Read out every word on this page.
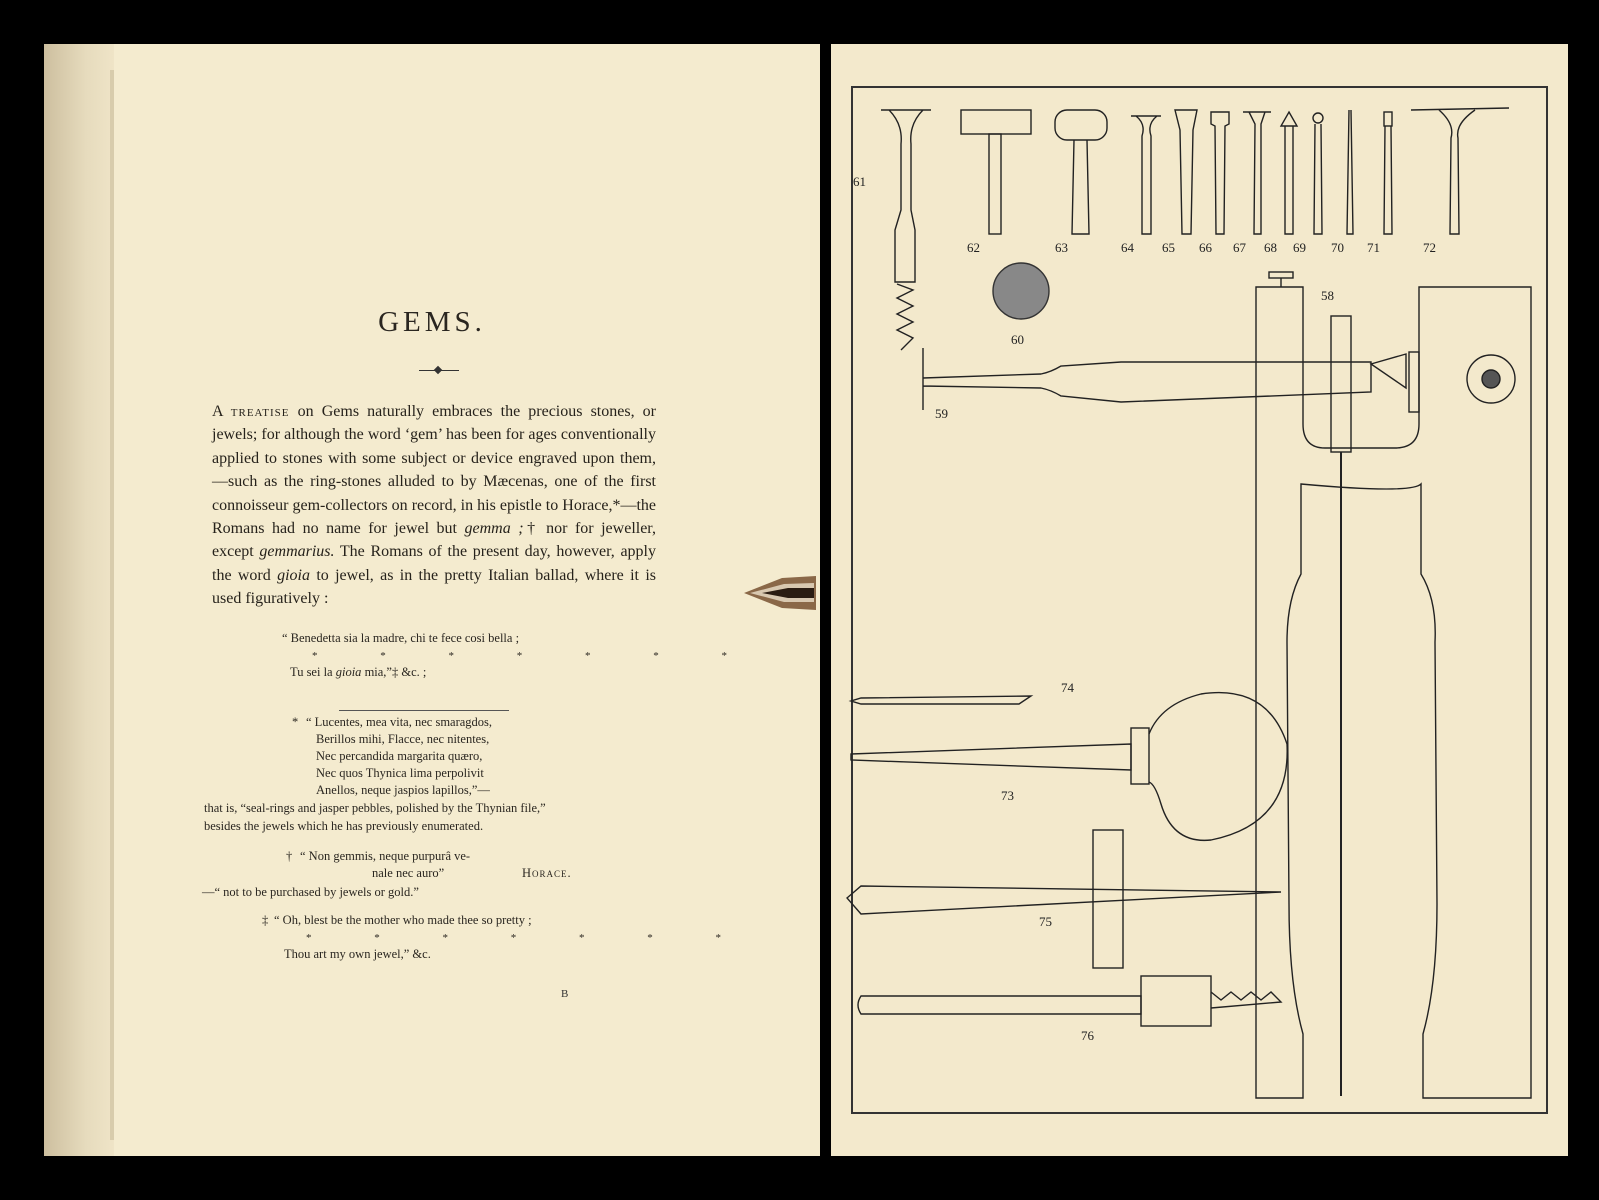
GEMS.

A treatise on Gems naturally embraces the precious stones, or jewels; for although the word ‘gem’ has been for ages conventionally applied to stones with some subject or device engraved upon them,—such as the ring-stones alluded to by Mæcenas, one of the first connoisseur gem-collectors on record, in his epistle to Horace,*—the Romans had no name for jewel but gemma ;† nor for jeweller, except gemmarius. The Romans of the present day, however, apply the word gioia to jewel, as in the pretty Italian ballad, where it is used figuratively :

“ Benedetta sia la madre, chi te fece cosi bella ;
* * * * * * *
Tu sei la gioia mia,”‡ &c. ;
* “ Lucentes, mea vita, nec smaragdos,
Berillos mihi, Flacce, nec nitentes,
Nec percandida margarita quæro,
Nec quos Thynica lima perpolivit
Anellos, neque jaspios lapillos,”—
that is, “seal-rings and jasper pebbles, polished by the Thynian file,”
besides the jewels which he has previously enumerated.
† “ Non gemmis, neque purpurâ ve-
nale nec auro”	Horace.
—“ not to be purchased by jewels or gold.”
‡ “ Oh, blest be the mother who made thee so pretty ;
* * * * * * *
Thou art my own jewel,” &c.
B
61
62	63	64 65 66 67 68 69 70 71	72
58
60
59
74
73
75
76
